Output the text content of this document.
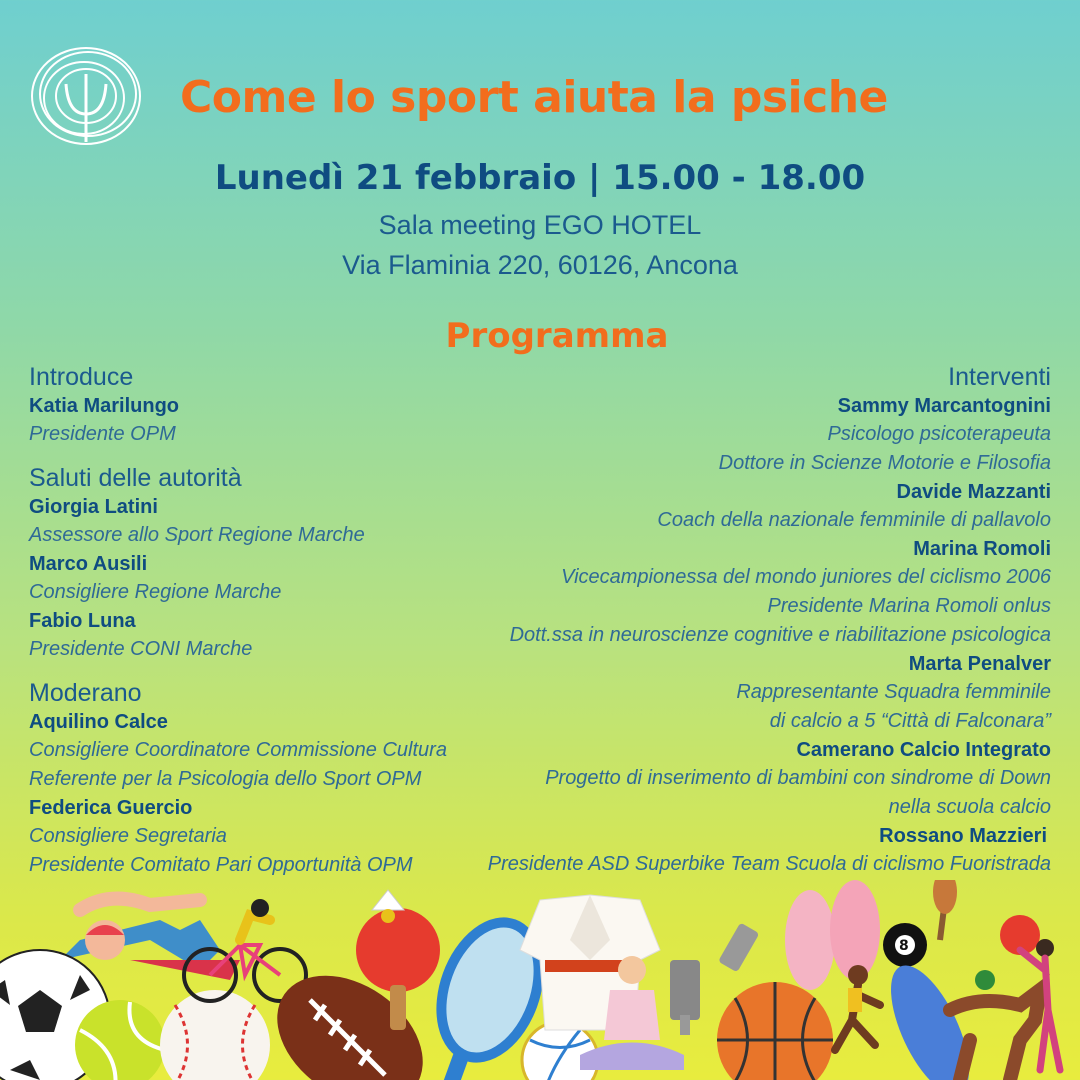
Come lo sport aiuta la psiche
Lunedì 21 febbraio | 15.00 - 18.00
Sala meeting EGO HOTEL
Via Flaminia 220, 60126, Ancona
Programma
Introduce
Katia Marilungo
Presidente OPM
Saluti delle autorità
Giorgia Latini
Assessore allo Sport Regione Marche
Marco Ausili
Consigliere Regione Marche
Fabio Luna
Presidente CONI Marche
Moderano
Aquilino Calce
Consigliere Coordinatore Commissione Cultura
Referente per la Psicologia dello Sport OPM
Federica Guercio
Consigliere Segretaria
Presidente Comitato Pari Opportunità OPM
Interventi
Sammy Marcantognini
Psicologo psicoterapeuta
Dottore in Scienze Motorie e Filosofia
Davide Mazzanti
Coach della nazionale femminile di pallavolo
Marina Romoli
Vicecampionessa del mondo juniores del ciclismo 2006
Presidente Marina Romoli onlus
Dott.ssa in neuroscienze cognitive e riabilitazione psicologica
Marta Penalver
Rappresentante Squadra femminile
di calcio a 5 “Città di Falconara”
Camerano Calcio Integrato
Progetto di inserimento di bambini con sindrome di Down
nella scuola calcio
Rossano Mazzieri
Presidente ASD Superbike Team Scuola di ciclismo Fuoristrada
8
